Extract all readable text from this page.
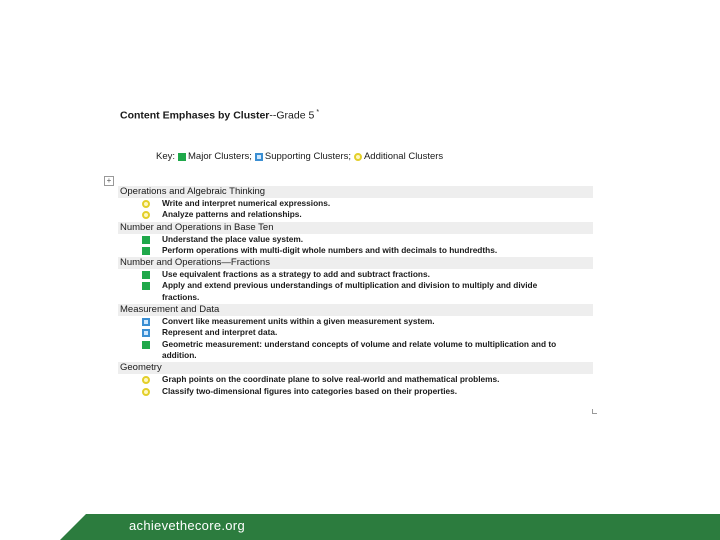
Content Emphases by Cluster--Grade 5 *
Key: Major Clusters; Supporting Clusters; Additional Clusters
+
Operations and Algebraic Thinking
Write and interpret numerical expressions.
Analyze patterns and relationships.
Number and Operations in Base Ten
Understand the place value system.
Perform operations with multi-digit whole numbers and with decimals to hundredths.
Number and Operations—Fractions
Use equivalent fractions as a strategy to add and subtract fractions.
Apply and extend previous understandings of multiplication and division to multiply and divide fractions.
Measurement and Data
Convert like measurement units within a given measurement system.
Represent and interpret data.
Geometric measurement: understand concepts of volume and relate volume to multiplication and to addition.
Geometry
Graph points on the coordinate plane to solve real-world and mathematical problems.
Classify two-dimensional figures into categories based on their properties.
achievethecore.org
